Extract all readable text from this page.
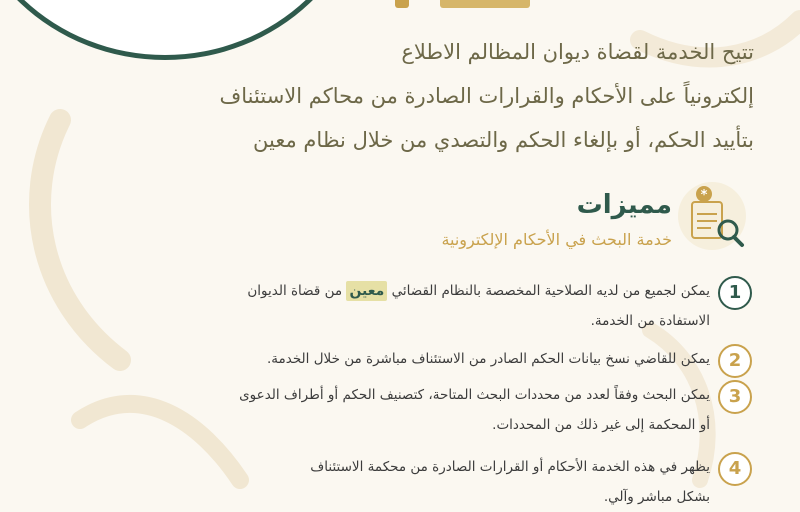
تتيح الخدمة لقضاة ديوان المظالم الاطلاع
إلكترونياً على الأحكام والقرارات الصادرة من محاكم الاستئناف
بتأييد الحكم، أو بإلغاء الحكم والتصدي من خلال نظام معين
*
مميزات
خدمة البحث في الأحكام الإلكترونية
1
يمكن لجميع من لديه الصلاحية المخصصة بالنظام القضائي معين من قضاة الديوان
الاستفادة من الخدمة.
2
يمكن للقاضي نسخ بيانات الحكم الصادر من الاستئناف مباشرة من خلال الخدمة.
3
يمكن البحث وفقاً لعدد من محددات البحث المتاحة، كتصنيف الحكم أو أطراف الدعوى
أو المحكمة إلى غير ذلك من المحددات.
4
يظهر في هذه الخدمة الأحكام أو القرارات الصادرة من محكمة الاستئناف
بشكل مباشر وآلي.
